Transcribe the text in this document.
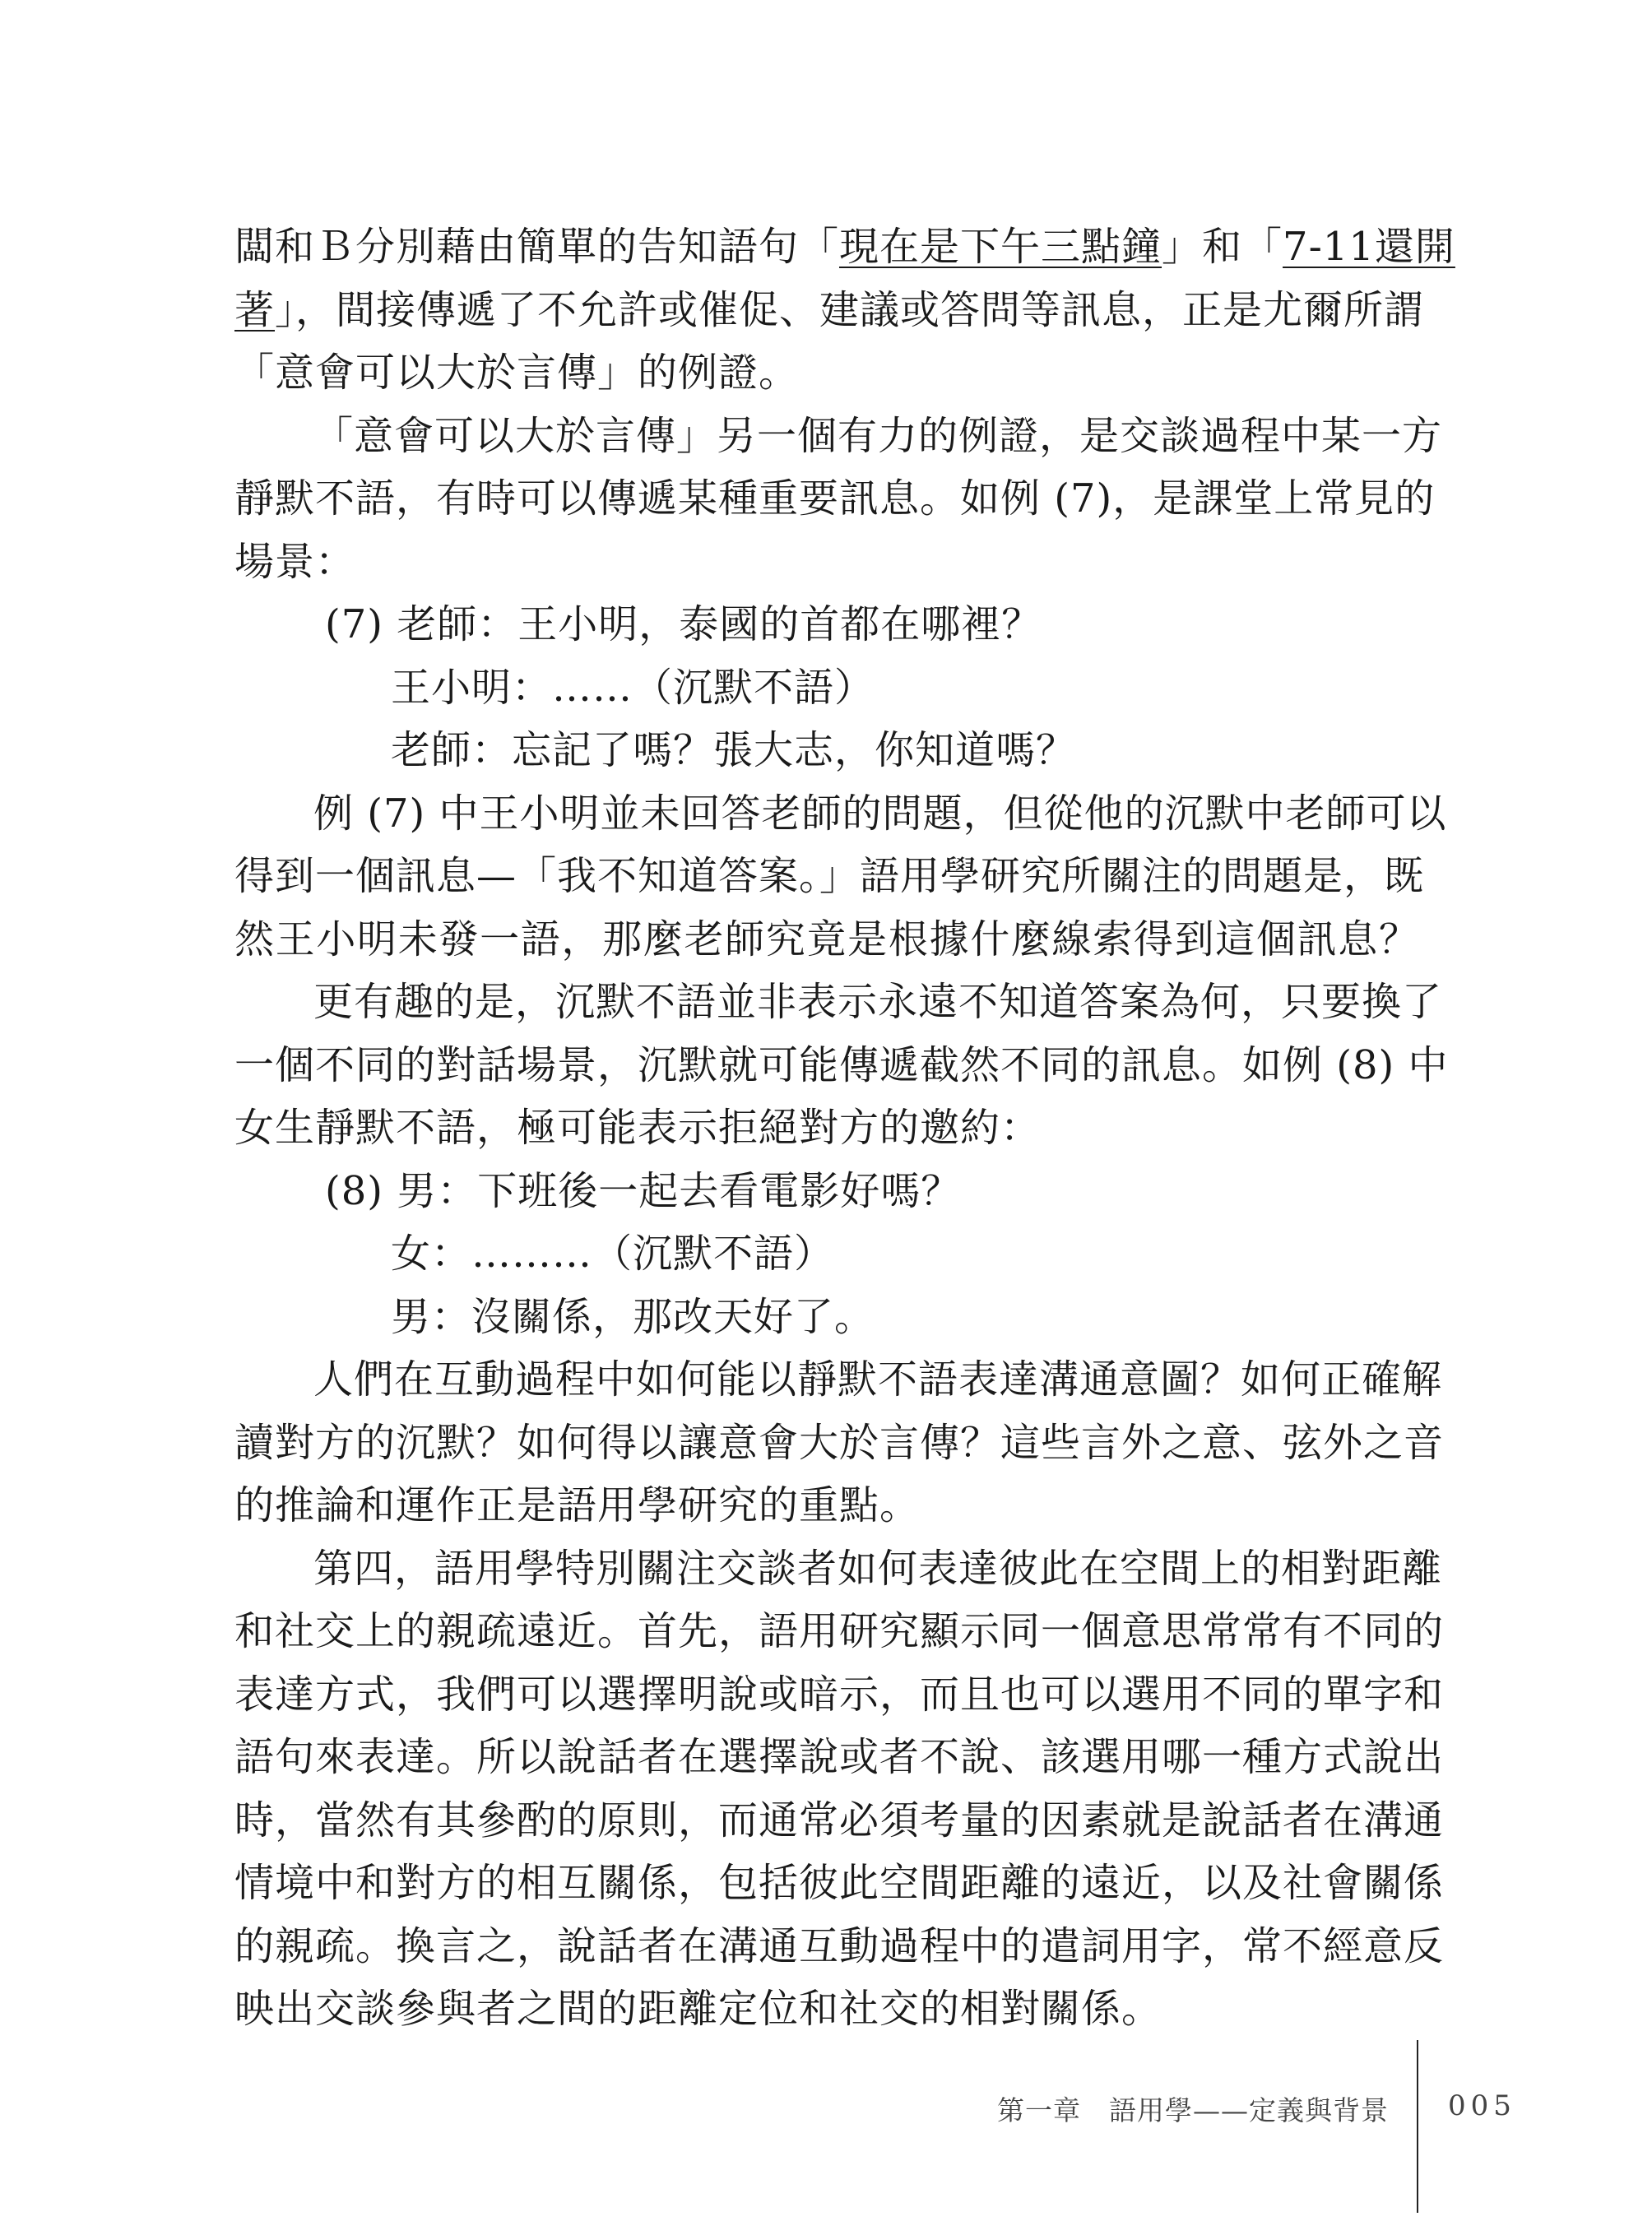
闆和Ｂ分別藉由簡單的告知語句「現在是下午三點鐘」和「7-11還開
著」，間接傳遞了不允許或催促、建議或答問等訊息，正是尤爾所謂
「意會可以大於言傳」的例證。
「意會可以大於言傳」另一個有力的例證，是交談過程中某一方
靜默不語，有時可以傳遞某種重要訊息。如例 (7)，是課堂上常見的
場景：
(7) 老師：王小明，泰國的首都在哪裡？
王小明：……（沉默不語）
老師：忘記了嗎？張大志，你知道嗎？
例 (7) 中王小明並未回答老師的問題，但從他的沉默中老師可以
得到一個訊息—「我不知道答案。」語用學研究所關注的問題是，既
然王小明未發一語，那麼老師究竟是根據什麼線索得到這個訊息？
更有趣的是，沉默不語並非表示永遠不知道答案為何，只要換了
一個不同的對話場景，沉默就可能傳遞截然不同的訊息。如例 (8) 中
女生靜默不語，極可能表示拒絕對方的邀約：
(8) 男：下班後一起去看電影好嗎？
女：………（沉默不語）
男：沒關係，那改天好了。
人們在互動過程中如何能以靜默不語表達溝通意圖？如何正確解
讀對方的沉默？如何得以讓意會大於言傳？這些言外之意、弦外之音
的推論和運作正是語用學研究的重點。
第四，語用學特別關注交談者如何表達彼此在空間上的相對距離
和社交上的親疏遠近。首先，語用研究顯示同一個意思常常有不同的
表達方式，我們可以選擇明說或暗示，而且也可以選用不同的單字和
語句來表達。所以說話者在選擇說或者不說、該選用哪一種方式說出
時，當然有其參酌的原則，而通常必須考量的因素就是說話者在溝通
情境中和對方的相互關係，包括彼此空間距離的遠近，以及社會關係
的親疏。換言之，說話者在溝通互動過程中的遣詞用字，常不經意反
映出交談參與者之間的距離定位和社交的相對關係。
第一章　語用學——定義與背景 005
